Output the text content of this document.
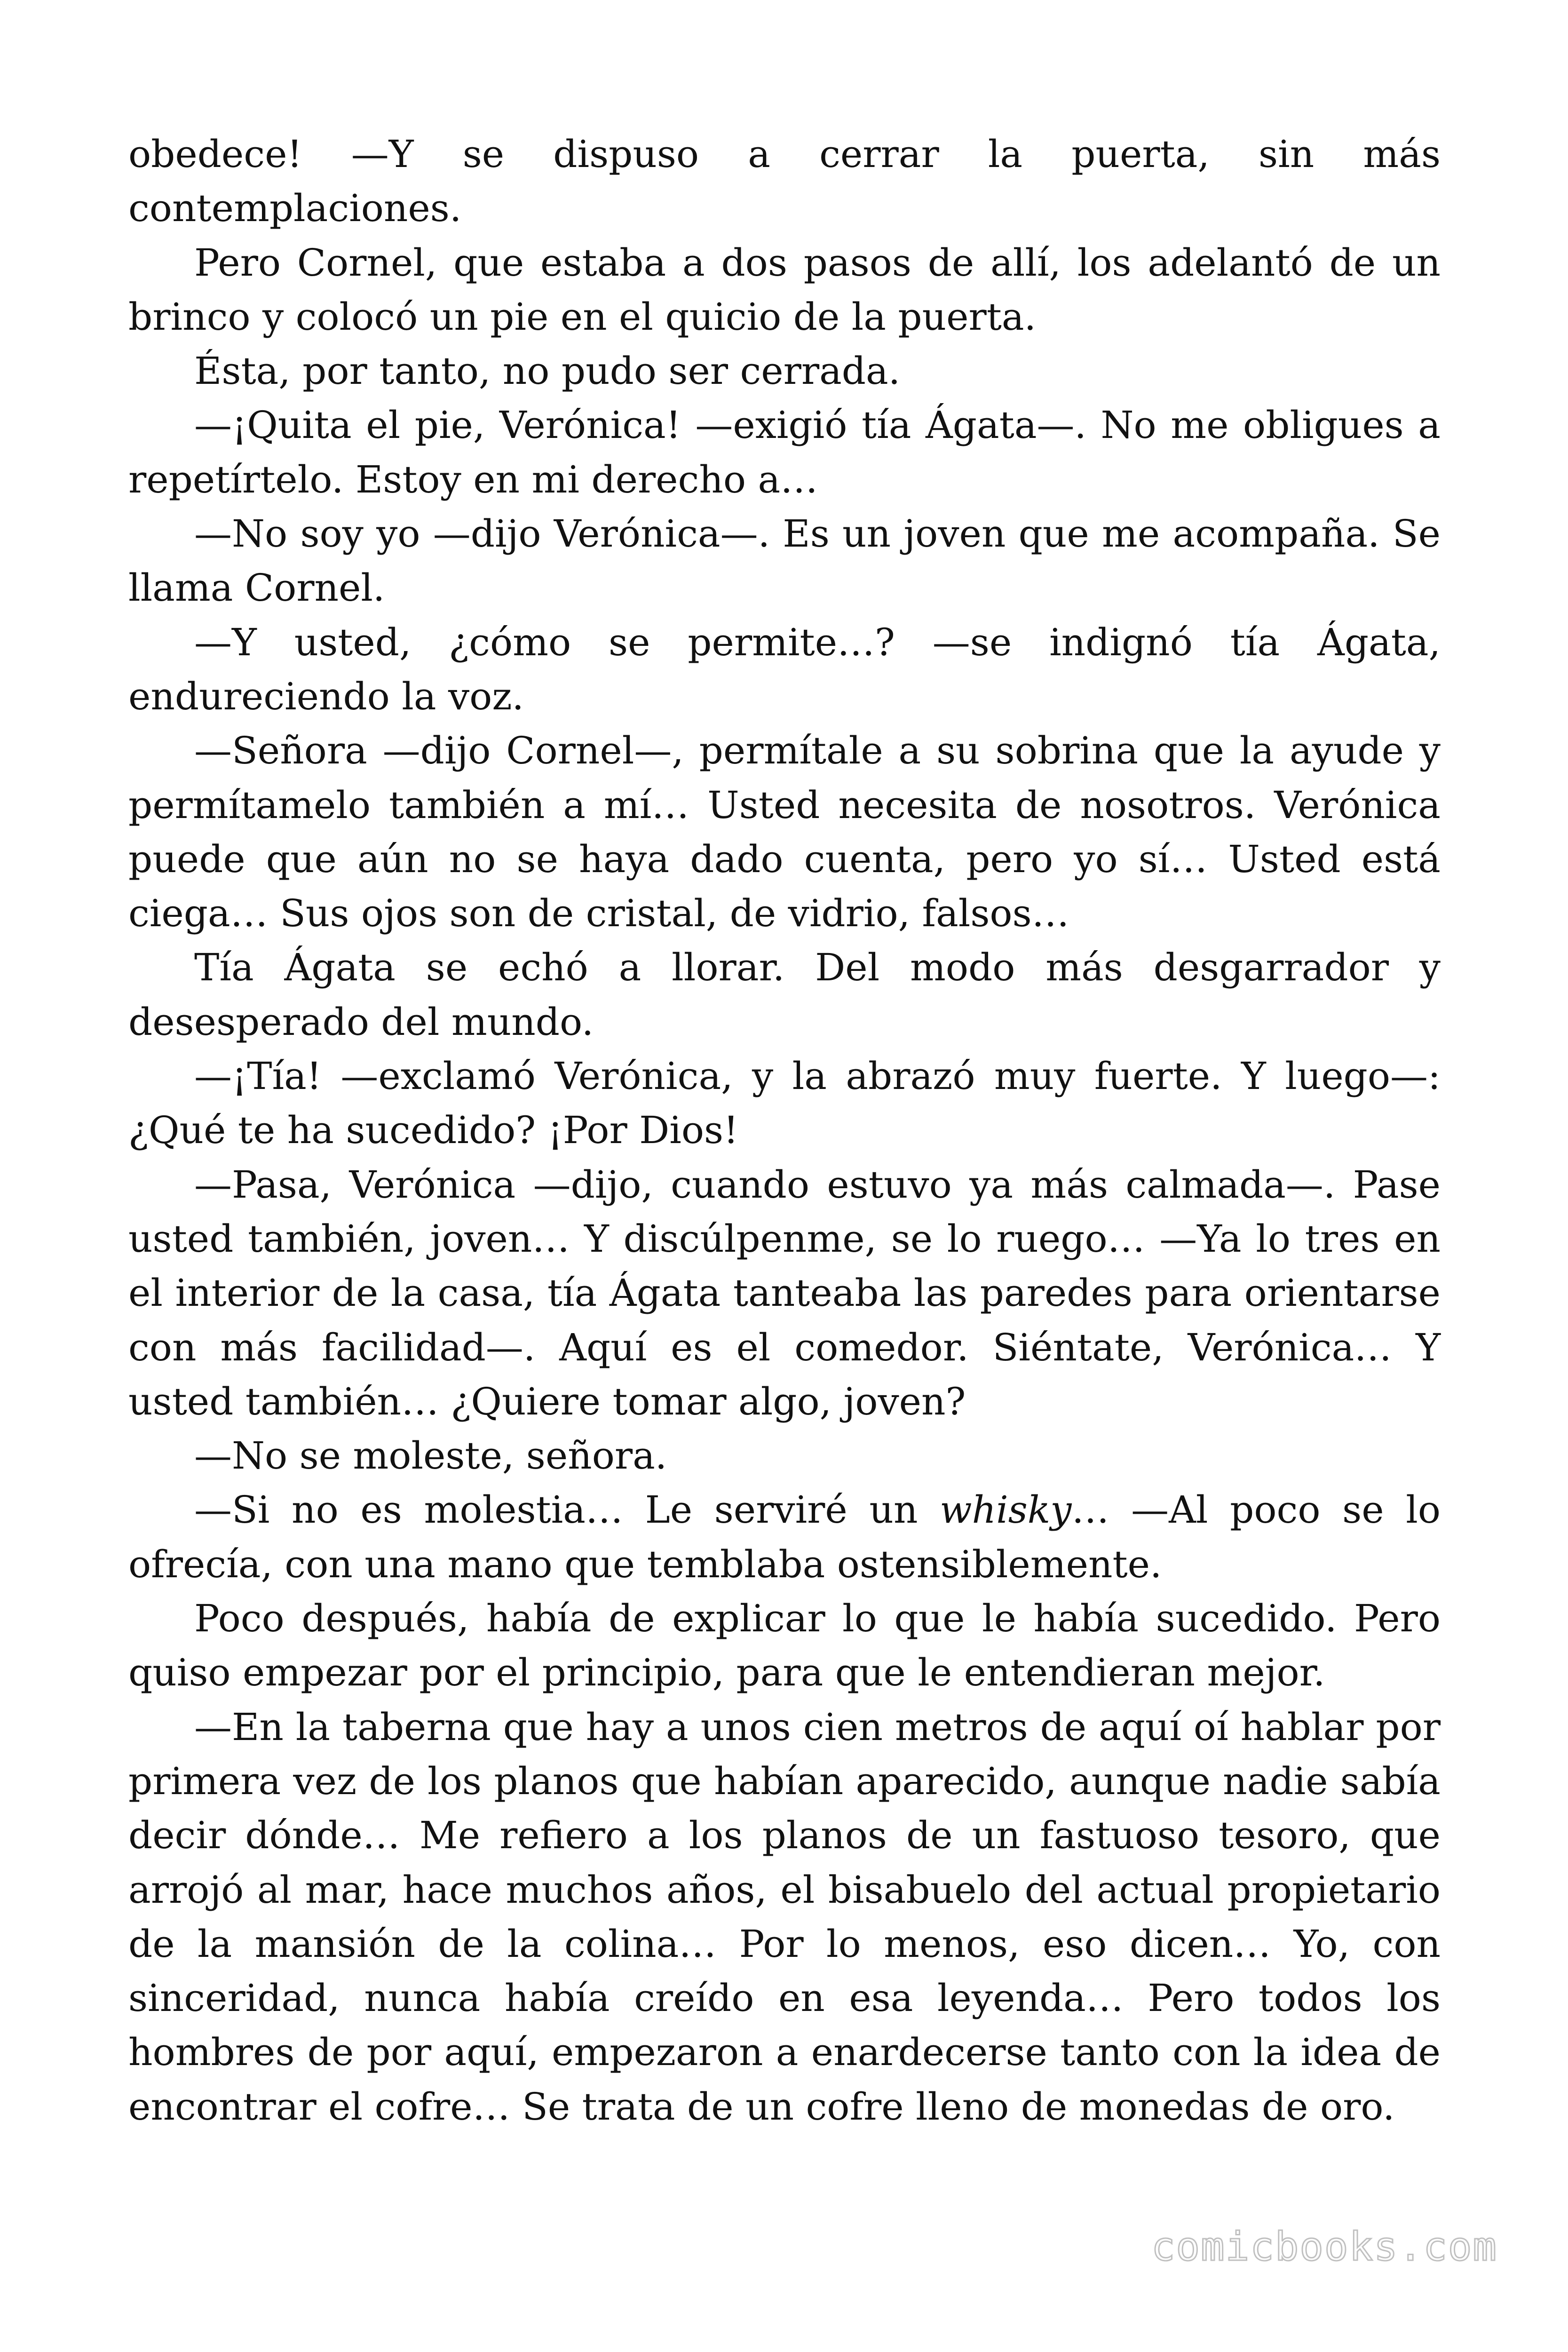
obedece! —Y se dispuso a cerrar la puerta, sin más contemplaciones.

Pero Cornel, que estaba a dos pasos de allí, los adelantó de un brinco y colocó un pie en el quicio de la puerta.

Ésta, por tanto, no pudo ser cerrada.

—¡Quita el pie, Verónica! —exigió tía Ágata—. No me obligues a repetírtelo. Estoy en mi derecho a…

—No soy yo —dijo Verónica—. Es un joven que me acompaña. Se llama Cornel.

—Y usted, ¿cómo se permite…? —se indignó tía Ágata, endureciendo la voz.

—Señora —dijo Cornel—, permítale a su sobrina que la ayude y permítamelo también a mí… Usted necesita de nosotros. Verónica puede que aún no se haya dado cuenta, pero yo sí… Usted está ciega… Sus ojos son de cristal, de vidrio, falsos…

Tía Ágata se echó a llorar. Del modo más desgarrador y desesperado del mundo.

—¡Tía! —exclamó Verónica, y la abrazó muy fuerte. Y luego—: ¿Qué te ha sucedido? ¡Por Dios!

—Pasa, Verónica —dijo, cuando estuvo ya más calmada—. Pase usted también, joven… Y discúlpenme, se lo ruego… —Ya lo tres en el interior de la casa, tía Ágata tanteaba las paredes para orientarse con más facilidad—. Aquí es el comedor. Siéntate, Verónica… Y usted también… ¿Quiere tomar algo, joven?

—No se moleste, señora.

—Si no es molestia… Le serviré un whisky… —Al poco se lo ofrecía, con una mano que temblaba ostensiblemente.

Poco después, había de explicar lo que le había sucedido. Pero quiso empezar por el principio, para que le entendieran mejor.

—En la taberna que hay a unos cien metros de aquí oí hablar por primera vez de los planos que habían aparecido, aunque nadie sabía decir dónde… Me refiero a los planos de un fastuoso tesoro, que arrojó al mar, hace muchos años, el bisabuelo del actual propietario de la mansión de la colina… Por lo menos, eso dicen… Yo, con sinceridad, nunca había creído en esa leyenda… Pero todos los hombres de por aquí, empezaron a enardecerse tanto con la idea de encontrar el cofre… Se trata de un cofre lleno de monedas de oro.

comicbooks.com
